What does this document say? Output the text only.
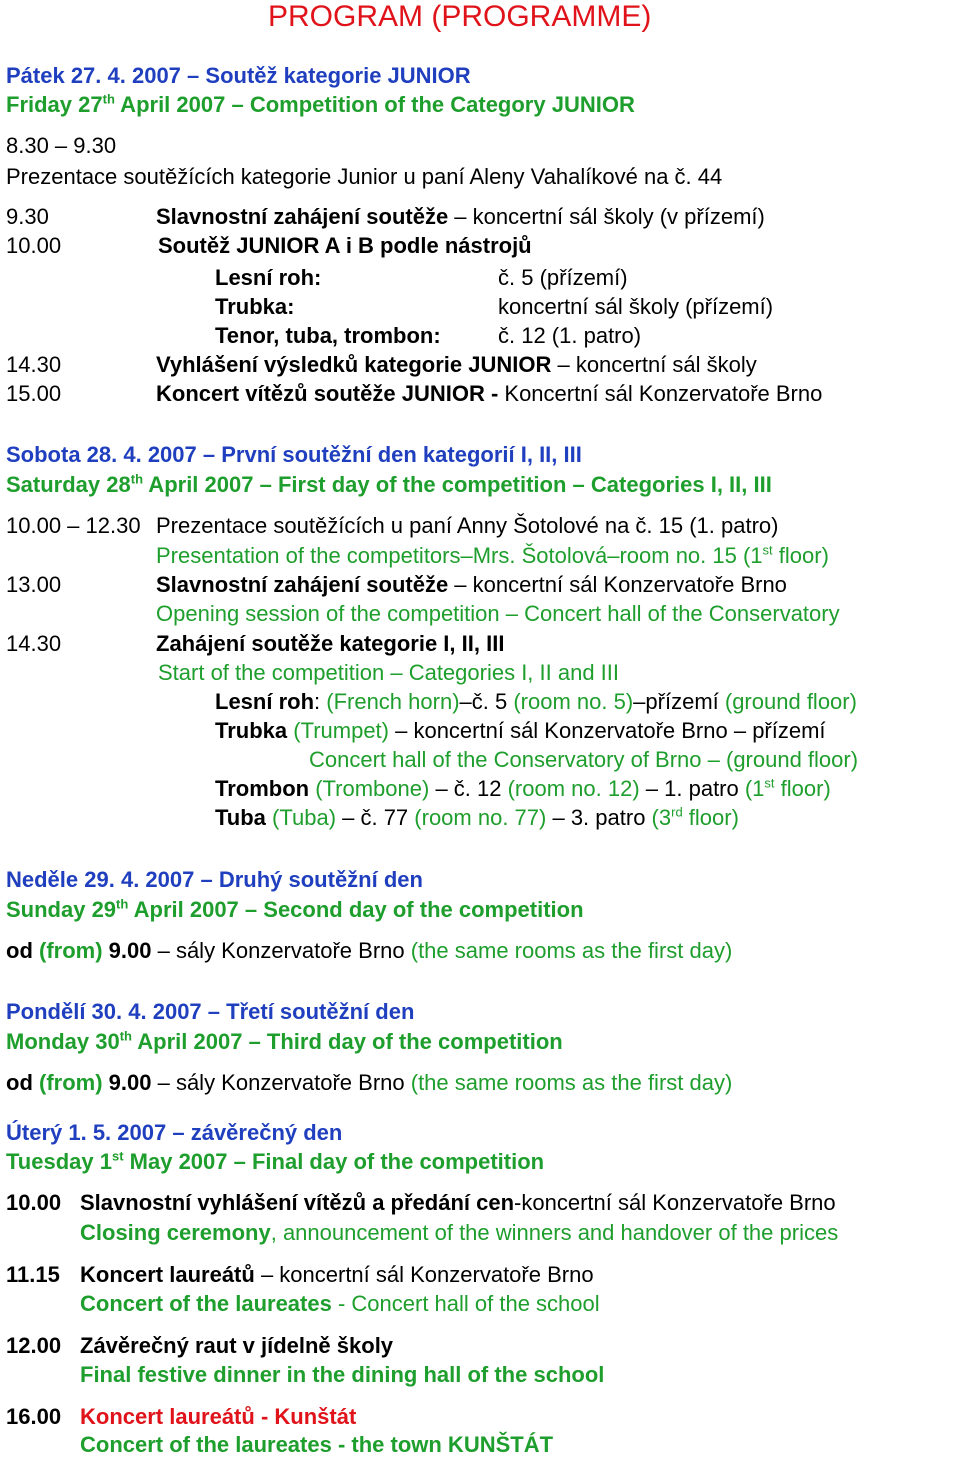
PROGRAM (PROGRAMME)
Pátek 27. 4. 2007 – Soutěž kategorie JUNIOR
Friday 27th April 2007 – Competition of the Category JUNIOR
8.30 – 9.30
Prezentace soutěžících kategorie Junior u paní Aleny Vahalíkové na č. 44
9.30	Slavnostní zahájení soutěže – koncertní sál školy (v přízemí)
10.00	Soutěž JUNIOR A i B podle nástrojů
Lesní roh:	č. 5 (přízemí)
Trubka:	koncertní sál školy (přízemí)
Tenor, tuba, trombon:	č. 12 (1. patro)
14.30	Vyhlášení výsledků kategorie JUNIOR – koncertní sál školy
15.00	Koncert vítězů soutěže JUNIOR - Koncertní sál Konzervatoře Brno
Sobota 28. 4. 2007 – První soutěžní den kategorií I, II, III
Saturday 28th April 2007 – First day of the competition – Categories I, II, III
10.00 – 12.30 Prezentace soutěžících u paní Anny Šotolové na č. 15 (1. patro)
Presentation of the competitors–Mrs. Šotolová–room no. 15 (1st floor)
13.00	Slavnostní zahájení soutěže – koncertní sál Konzervatoře Brno
Opening session of the competition – Concert hall of the Conservatory
14.30	Zahájení soutěže kategorie I, II, III
Start of the competition – Categories I, II and III
Lesní roh: (French horn)–č. 5 (room no. 5)–přízemí (ground floor)
Trubka (Trumpet) – koncertní sál Konzervatoře Brno – přízemí
Concert hall of the Conservatory of Brno – (ground floor)
Trombon (Trombone) – č. 12 (room no. 12) – 1. patro (1st floor)
Tuba (Tuba) – č. 77 (room no. 77) – 3. patro (3rd floor)
Neděle 29. 4. 2007 – Druhý soutěžní den
Sunday 29th April 2007 – Second day of the competition
od (from) 9.00 – sály Konzervatoře Brno (the same rooms as the first day)
Pondělí 30. 4. 2007 – Třetí soutěžní den
Monday 30th April 2007 – Third day of the competition
od (from) 9.00 – sály Konzervatoře Brno (the same rooms as the first day)
Úterý 1. 5. 2007 – závěrečný den
Tuesday 1st May 2007 – Final day of the competition
10.00 Slavnostní vyhlášení vítězů a předání cen-koncertní sál Konzervatoře Brno
Closing ceremony, announcement of the winners and handover of the prices
11.15 Koncert laureátů – koncertní sál Konzervatoře Brno
Concert of the laureates - Concert hall of the school
12.00 Závěrečný raut v jídelně školy
Final festive dinner in the dining hall of the school
16.00 Koncert laureátů - Kunštát
Concert of the laureates - the town KUNŠTÁT
